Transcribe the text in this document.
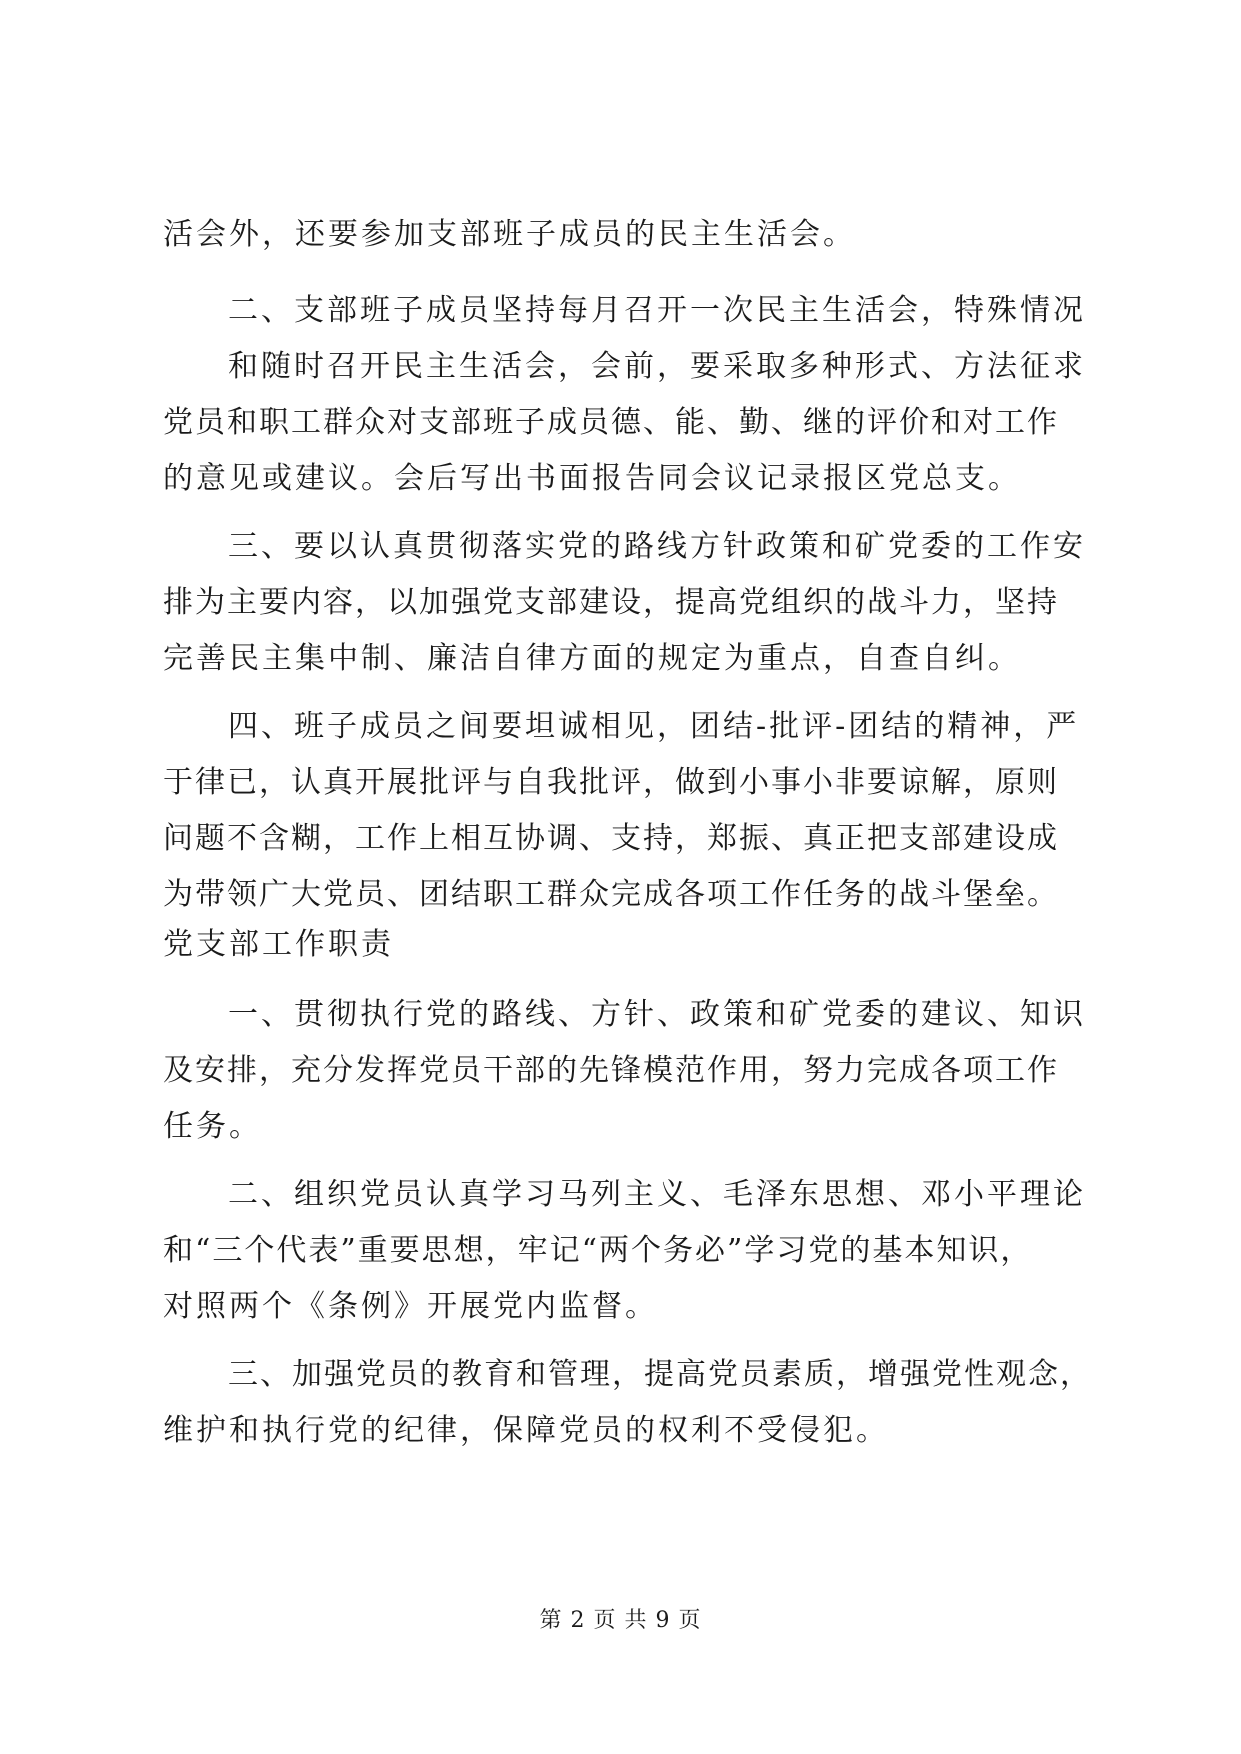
活会外，还要参加支部班子成员的民主生活会。
二、支部班子成员坚持每月召开一次民主生活会，特殊情况
和随时召开民主生活会，会前，要采取多种形式、方法征求
党员和职工群众对支部班子成员德、能、勤、继的评价和对工作
的意见或建议。会后写出书面报告同会议记录报区党总支。
三、要以认真贯彻落实党的路线方针政策和矿党委的工作安
排为主要内容，以加强党支部建设，提高党组织的战斗力，坚持
完善民主集中制、廉洁自律方面的规定为重点，自查自纠。
四、班子成员之间要坦诚相见，团结-批评-团结的精神，严
于律已，认真开展批评与自我批评，做到小事小非要谅解，原则
问题不含糊，工作上相互协调、支持，郑振、真正把支部建设成
为带领广大党员、团结职工群众完成各项工作任务的战斗堡垒。
党支部工作职责
一、贯彻执行党的路线、方针、政策和矿党委的建议、知识
及安排，充分发挥党员干部的先锋模范作用，努力完成各项工作
任务。
二、组织党员认真学习马列主义、毛泽东思想、邓小平理论
和“三个代表”重要思想，牢记“两个务必”学习党的基本知识，
对照两个《条例》开展党内监督。
三、加强党员的教育和管理，提高党员素质，增强党性观念，
维护和执行党的纪律，保障党员的权利不受侵犯。
第 2 页 共 9 页
